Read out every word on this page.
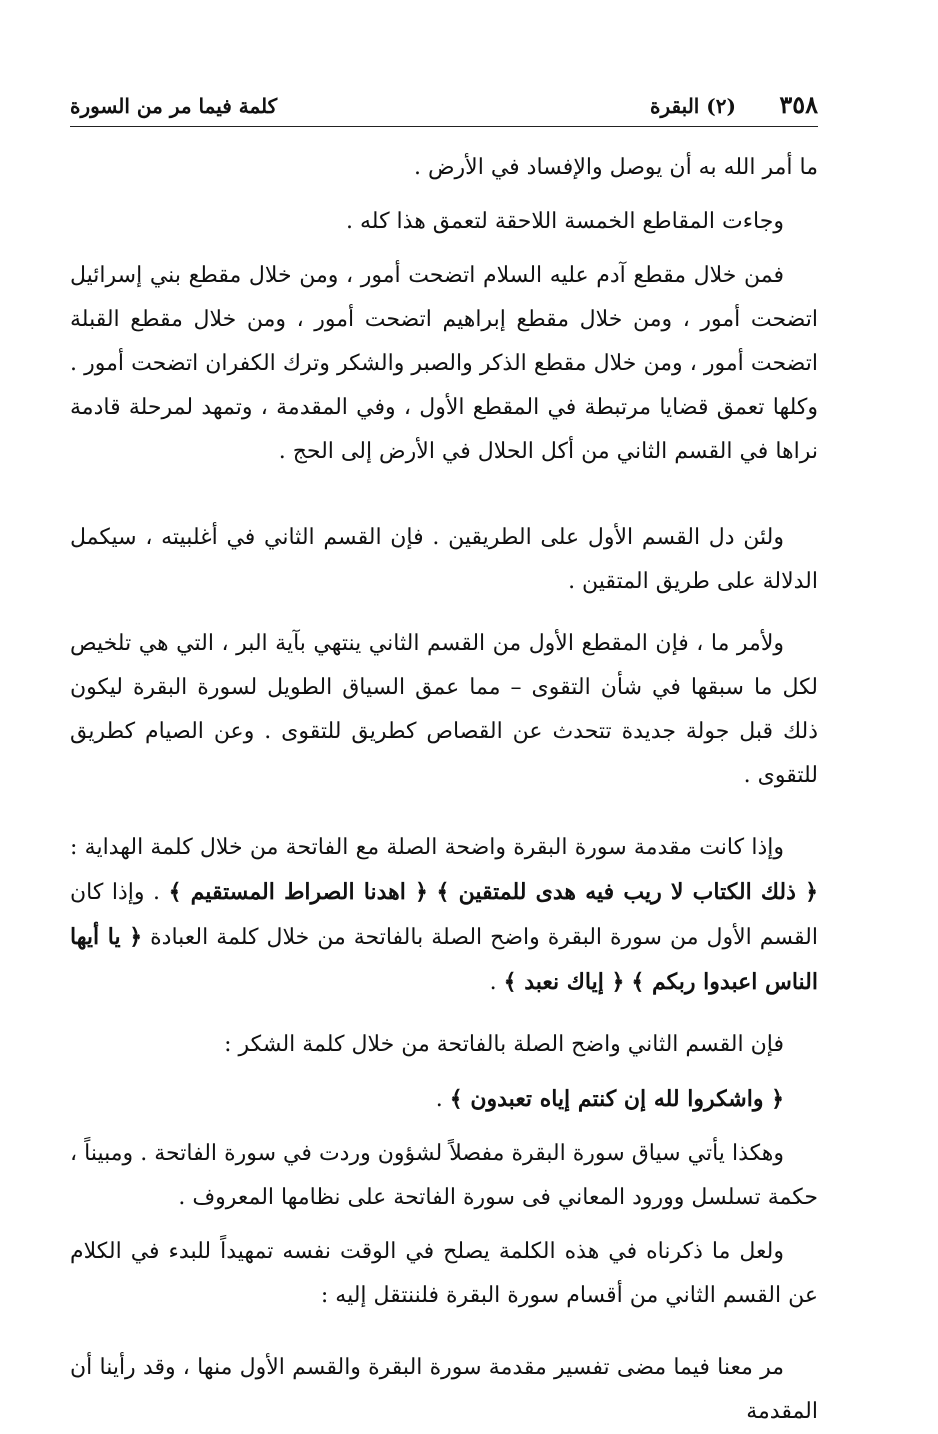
٣٥٨
(٢) البقرة
كلمة فيما مر من السورة

ما أمر الله به أن يوصل والإفساد في الأرض .

وجاءت المقاطع الخمسة اللاحقة لتعمق هذا كله .

فمن خلال مقطع آدم عليه السلام اتضحت أمور ، ومن خلال مقطع بني إسرائيل اتضحت أمور ، ومن خلال مقطع إبراهيم اتضحت أمور ، ومن خلال مقطع القبلة اتضحت أمور ، ومن خلال مقطع الذكر والصبر والشكر وترك الكفران اتضحت أمور . وكلها تعمق قضايا مرتبطة في المقطع الأول ، وفي المقدمة ، وتمهد لمرحلة قادمة نراها في القسم الثاني من أكل الحلال في الأرض إلى الحج .

ولئن دل القسم الأول على الطريقين . فإن القسم الثاني في أغلبيته ، سيكمل الدلالة على طريق المتقين .

ولأمر ما ، فإن المقطع الأول من القسم الثاني ينتهي بآية البر ، التي هي تلخيص لكل ما سبقها في شأن التقوى – مما عمق السياق الطويل لسورة البقرة ليكون ذلك قبل جولة جديدة تتحدث عن القصاص كطريق للتقوى . وعن الصيام كطريق للتقوى .

وإذا كانت مقدمة سورة البقرة واضحة الصلة مع الفاتحة من خلال كلمة الهداية : ﴿ ذلك الكتاب لا ريب فيه هدى للمتقين ﴾ ﴿ اهدنا الصراط المستقيم ﴾ . وإذا كان القسم الأول من سورة البقرة واضح الصلة بالفاتحة من خلال كلمة العبادة ﴿ يا أيها الناس اعبدوا ربكم ﴾ ﴿ إياك نعبد ﴾ .

فإن القسم الثاني واضح الصلة بالفاتحة من خلال كلمة الشكر :

﴿ واشكروا لله إن كنتم إياه تعبدون ﴾ .

وهكذا يأتي سياق سورة البقرة مفصلاً لشؤون وردت في سورة الفاتحة . ومبيناً ، حكمة تسلسل وورود المعاني فى سورة الفاتحة على نظامها المعروف .

ولعل ما ذكرناه في هذه الكلمة يصلح في الوقت نفسه تمهيداً للبدء في الكلام عن القسم الثاني من أقسام سورة البقرة فلننتقل إليه :

مر معنا فيما مضى تفسير مقدمة سورة البقرة والقسم الأول منها ، وقد رأينا أن المقدمة
